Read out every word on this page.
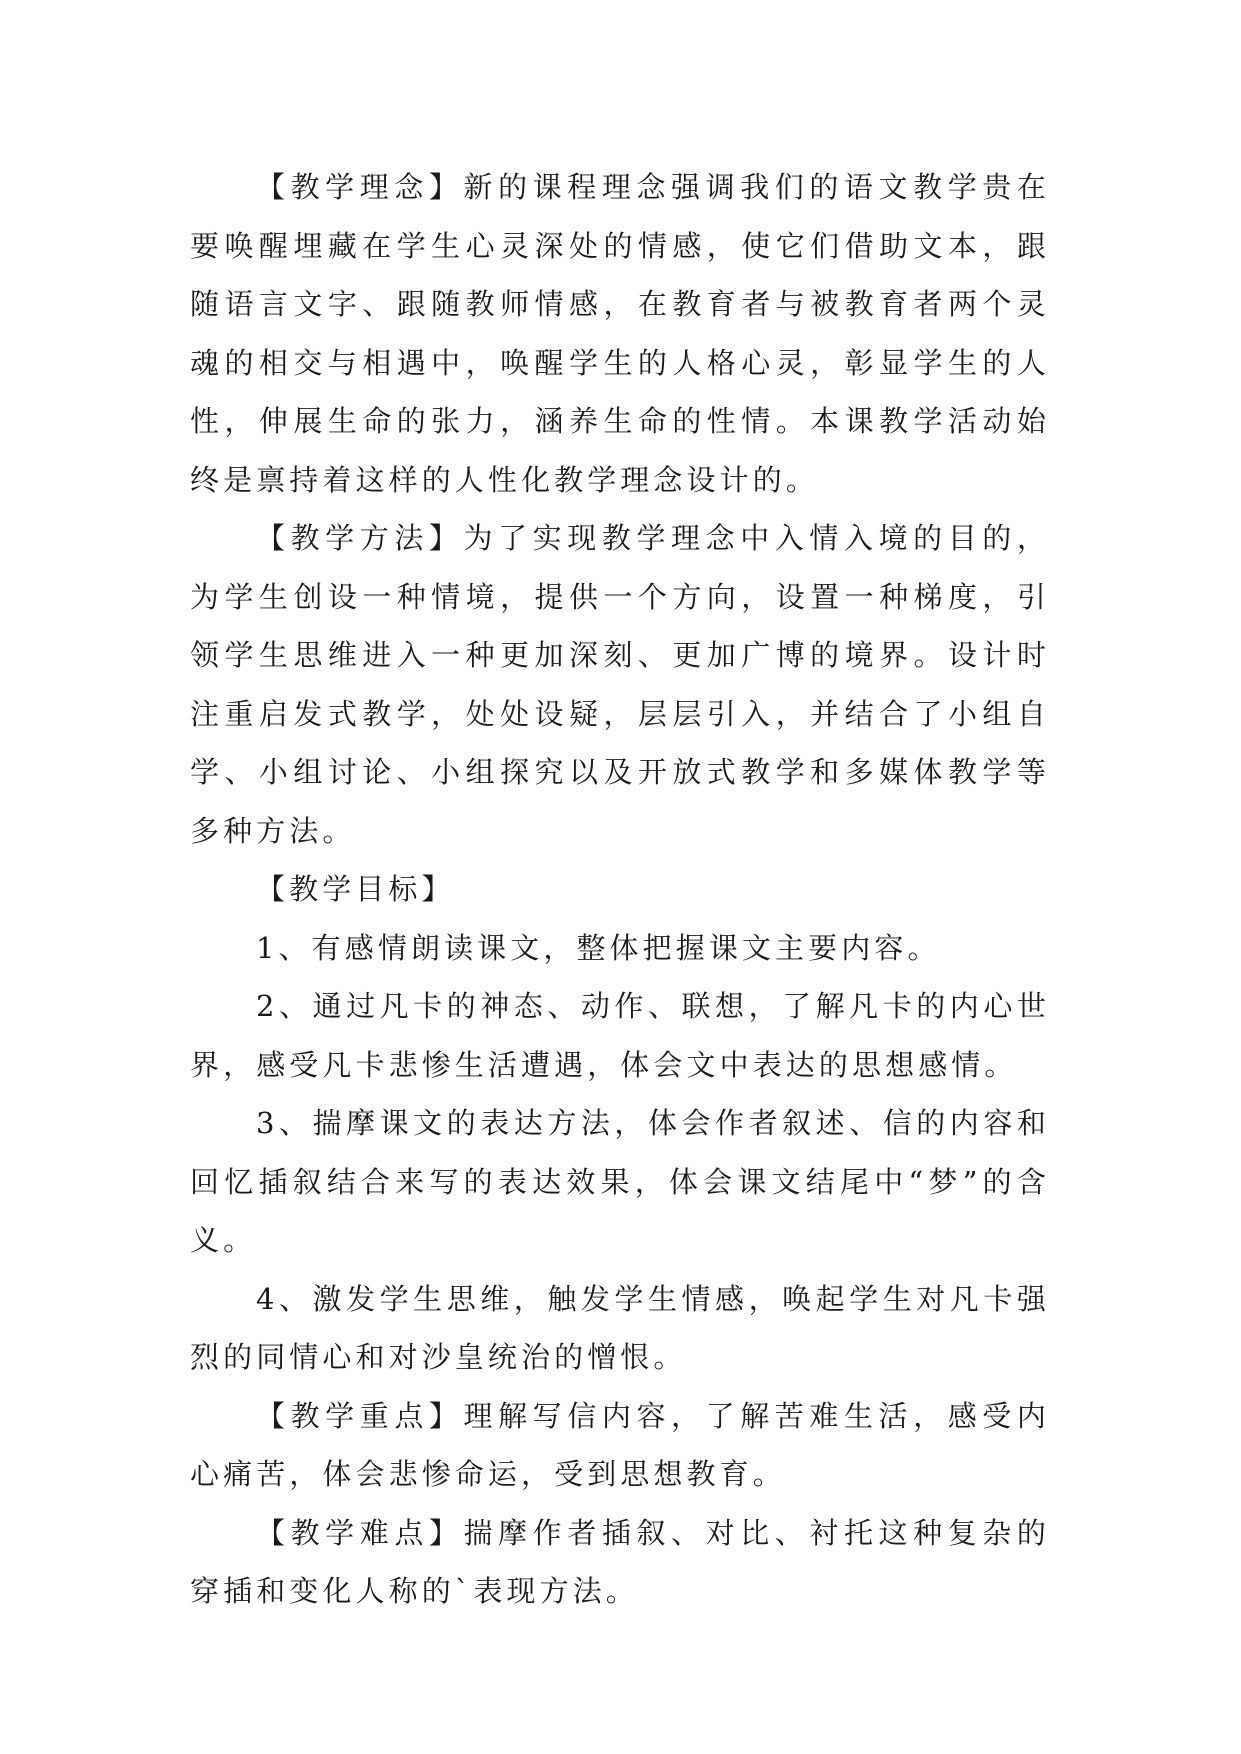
【教学理念】新的课程理念强调我们的语文教学贵在要唤醒埋藏在学生心灵深处的情感，使它们借助文本，跟随语言文字、跟随教师情感，在教育者与被教育者两个灵魂的相交与相遇中，唤醒学生的人格心灵，彰显学生的人性，伸展生命的张力，涵养生命的性情。本课教学活动始终是禀持着这样的人性化教学理念设计的。

【教学方法】为了实现教学理念中入情入境的目的，为学生创设一种情境，提供一个方向，设置一种梯度，引领学生思维进入一种更加深刻、更加广博的境界。设计时注重启发式教学，处处设疑，层层引入，并结合了小组自学、小组讨论、小组探究以及开放式教学和多媒体教学等多种方法。

【教学目标】

1、有感情朗读课文，整体把握课文主要内容。

2、通过凡卡的神态、动作、联想，了解凡卡的内心世界，感受凡卡悲惨生活遭遇，体会文中表达的思想感情。

3、揣摩课文的表达方法，体会作者叙述、信的内容和回忆插叙结合来写的表达效果，体会课文结尾中“梦”的含义。

4、激发学生思维，触发学生情感，唤起学生对凡卡强烈的同情心和对沙皇统治的憎恨。

【教学重点】理解写信内容，了解苦难生活，感受内心痛苦，体会悲惨命运，受到思想教育。

【教学难点】揣摩作者插叙、对比、衬托这种复杂的穿插和变化人称的`表现方法。
